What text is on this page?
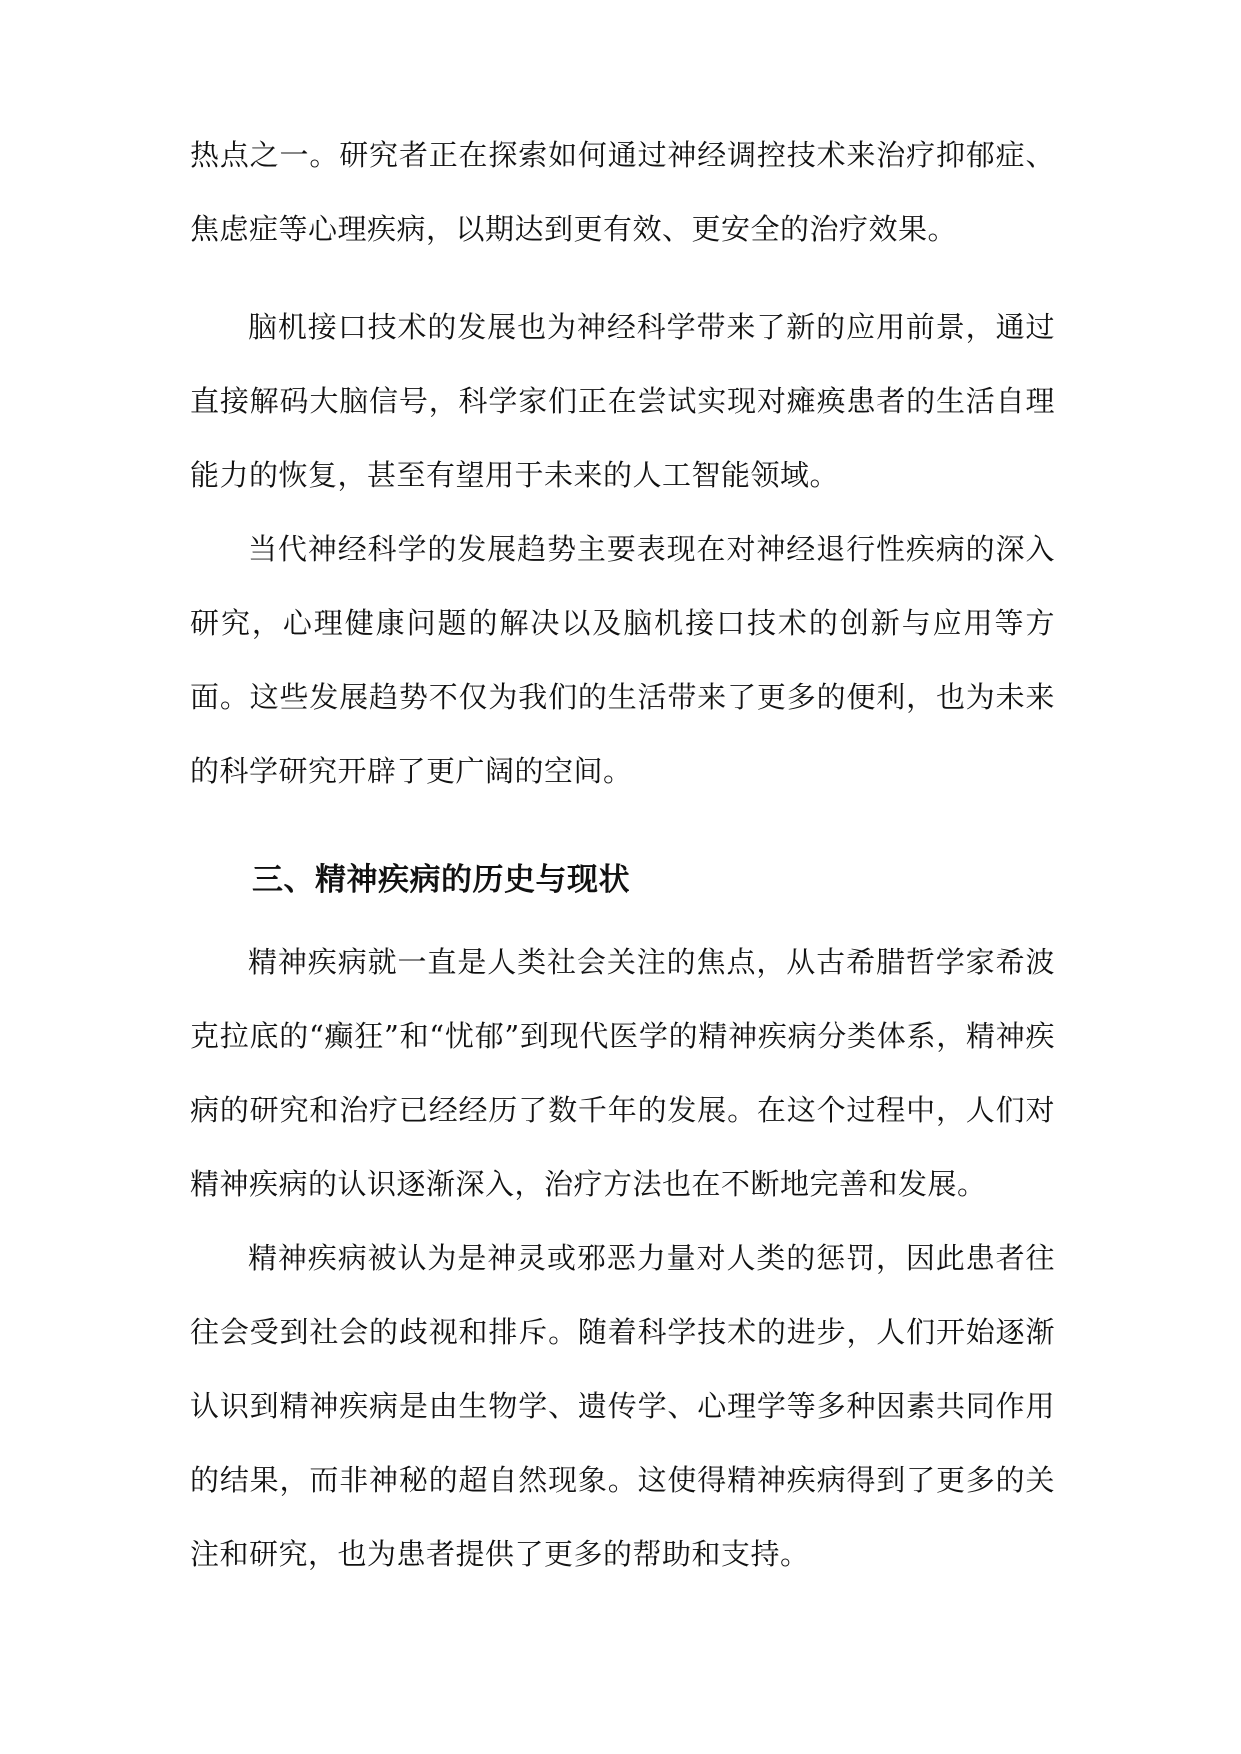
热点之一。研究者正在探索如何通过神经调控技术来治疗抑郁症、焦虑症等心理疾病，以期达到更有效、更安全的治疗效果。

脑机接口技术的发展也为神经科学带来了新的应用前景，通过直接解码大脑信号，科学家们正在尝试实现对瘫痪患者的生活自理能力的恢复，甚至有望用于未来的人工智能领域。

当代神经科学的发展趋势主要表现在对神经退行性疾病的深入研究，心理健康问题的解决以及脑机接口技术的创新与应用等方面。这些发展趋势不仅为我们的生活带来了更多的便利，也为未来的科学研究开辟了更广阔的空间。

三、精神疾病的历史与现状

精神疾病就一直是人类社会关注的焦点，从古希腊哲学家希波克拉底的“癫狂”和“忧郁”到现代医学的精神疾病分类体系，精神疾病的研究和治疗已经经历了数千年的发展。在这个过程中，人们对精神疾病的认识逐渐深入，治疗方法也在不断地完善和发展。

精神疾病被认为是神灵或邪恶力量对人类的惩罚，因此患者往往会受到社会的歧视和排斥。随着科学技术的进步，人们开始逐渐认识到精神疾病是由生物学、遗传学、心理学等多种因素共同作用的结果，而非神秘的超自然现象。这使得精神疾病得到了更多的关注和研究，也为患者提供了更多的帮助和支持。
